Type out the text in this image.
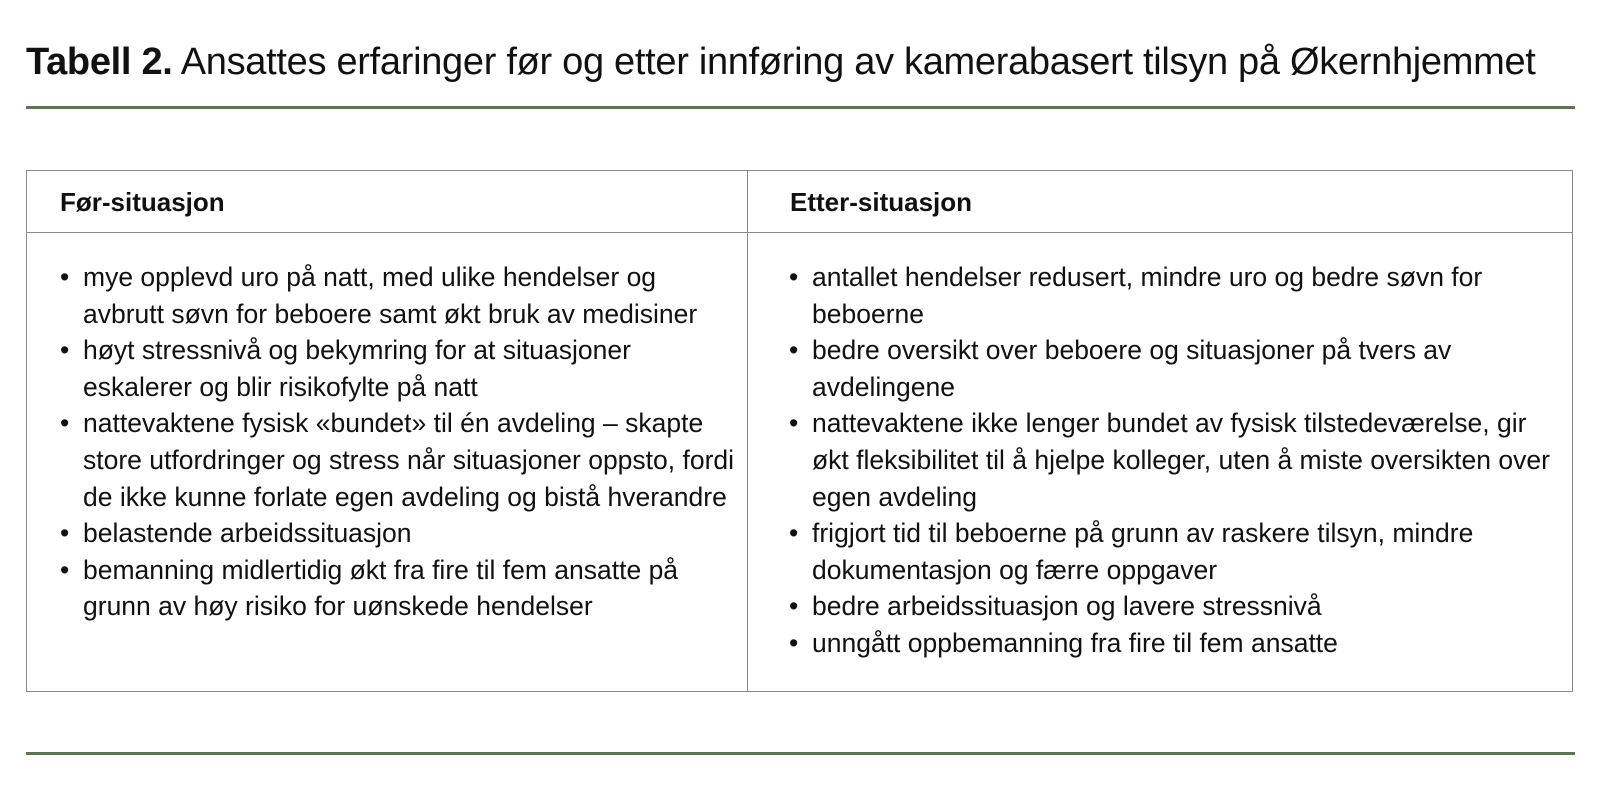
Tabell 2. Ansattes erfaringer før og etter innføring av kamerabasert tilsyn på Økernhjemmet
Før-situasjon	Etter-situasjon
• mye opplevd uro på natt, med ulike hendelser og avbrutt søvn for beboere samt økt bruk av medisiner
• høyt stressnivå og bekymring for at situasjoner eskalerer og blir risikofylte på natt
• nattevaktene fysisk «bundet» til én avdeling – skapte store utfordringer og stress når situasjoner oppsto, fordi de ikke kunne forlate egen avdeling og bistå hverandre
• belastende arbeidssituasjon
• bemanning midlertidig økt fra fire til fem ansatte på grunn av høy risiko for uønskede hendelser
• antallet hendelser redusert, mindre uro og bedre søvn for beboerne
• bedre oversikt over beboere og situasjoner på tvers av avdelingene
• nattevaktene ikke lenger bundet av fysisk tilstedeværelse, gir økt fleksibilitet til å hjelpe kolleger, uten å miste oversikten over egen avdeling
• frigjort tid til beboerne på grunn av raskere tilsyn, mindre dokumentasjon og færre oppgaver
• bedre arbeidssituasjon og lavere stressnivå
• unngått oppbemanning fra fire til fem ansatte
